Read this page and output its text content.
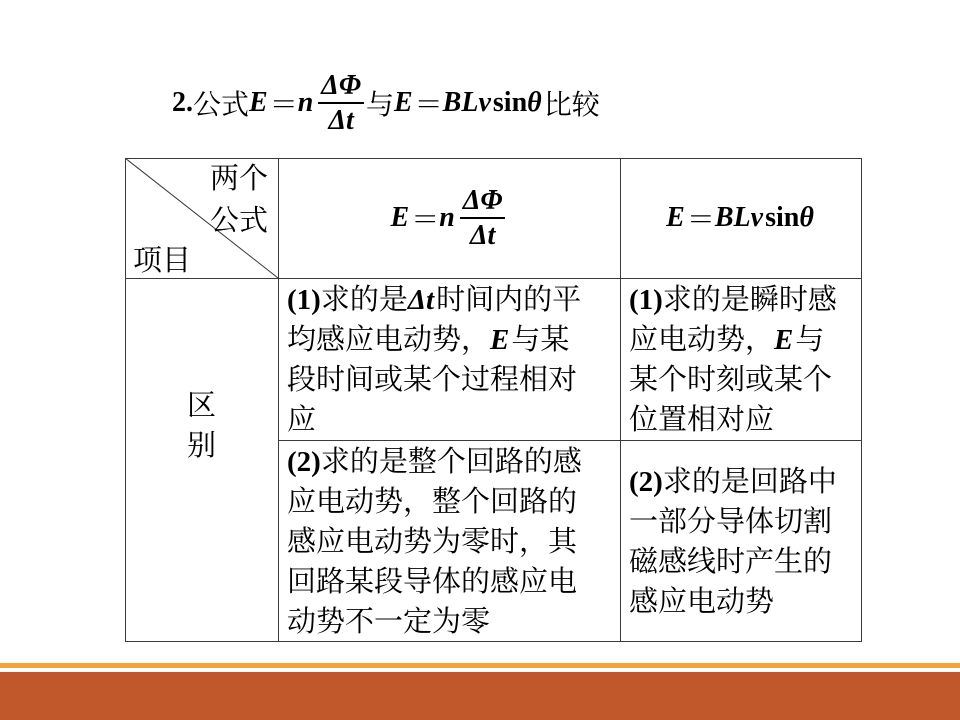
2. 公式 E ＝ n $\frac{\Delta\Phi}{\Delta t}$ 与 E ＝ BLv sin θ 比较
两个
公式
项目
E ＝ n $\frac{\Delta\Phi}{\Delta t}$	E ＝ BLv sin θ
区
别
(1)求的是Δt时间内的平
均感应电动势，E与某
段时间或某个过程相对
应
(1)求的是瞬时感
应电动势，E与
某个时刻或某个
位置相对应
(2)求的是整个回路的感
应电动势，整个回路的
感应电动势为零时，其
回路某段导体的感应电
动势不一定为零
(2)求的是回路中
一部分导体切割
磁感线时产生的
感应电动势
